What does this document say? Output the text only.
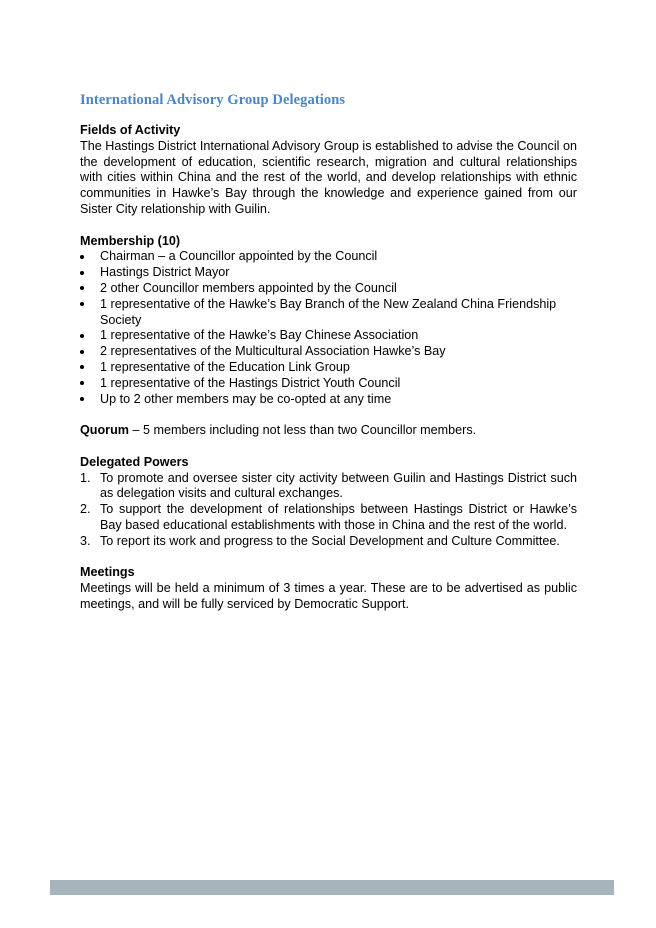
International Advisory Group Delegations

Fields of Activity

The Hastings District International Advisory Group is established to advise the Council on the development of education, scientific research, migration and cultural relationships with cities within China and the rest of the world, and develop relationships with ethnic communities in Hawke’s Bay through the knowledge and experience gained from our Sister City relationship with Guilin.

Membership (10)

Chairman – a Councillor appointed by the Council
Hastings District Mayor
2 other Councillor members appointed by the Council
1 representative of the Hawke’s Bay Branch of the New Zealand China Friendship Society
1 representative of the Hawke’s Bay Chinese Association
2 representatives of the Multicultural Association Hawke’s Bay
1 representative of the Education Link Group
1 representative of the Hastings District Youth Council
Up to 2 other members may be co-opted at any time

Quorum – 5 members including not less than two Councillor members.

Delegated Powers

1. To promote and oversee sister city activity between Guilin and Hastings District such as delegation visits and cultural exchanges.
2. To support the development of relationships between Hastings District or Hawke’s Bay based educational establishments with those in China and the rest of the world.
3. To report its work and progress to the Social Development and Culture Committee.

Meetings

Meetings will be held a minimum of 3 times a year. These are to be advertised as public meetings, and will be fully serviced by Democratic Support.
